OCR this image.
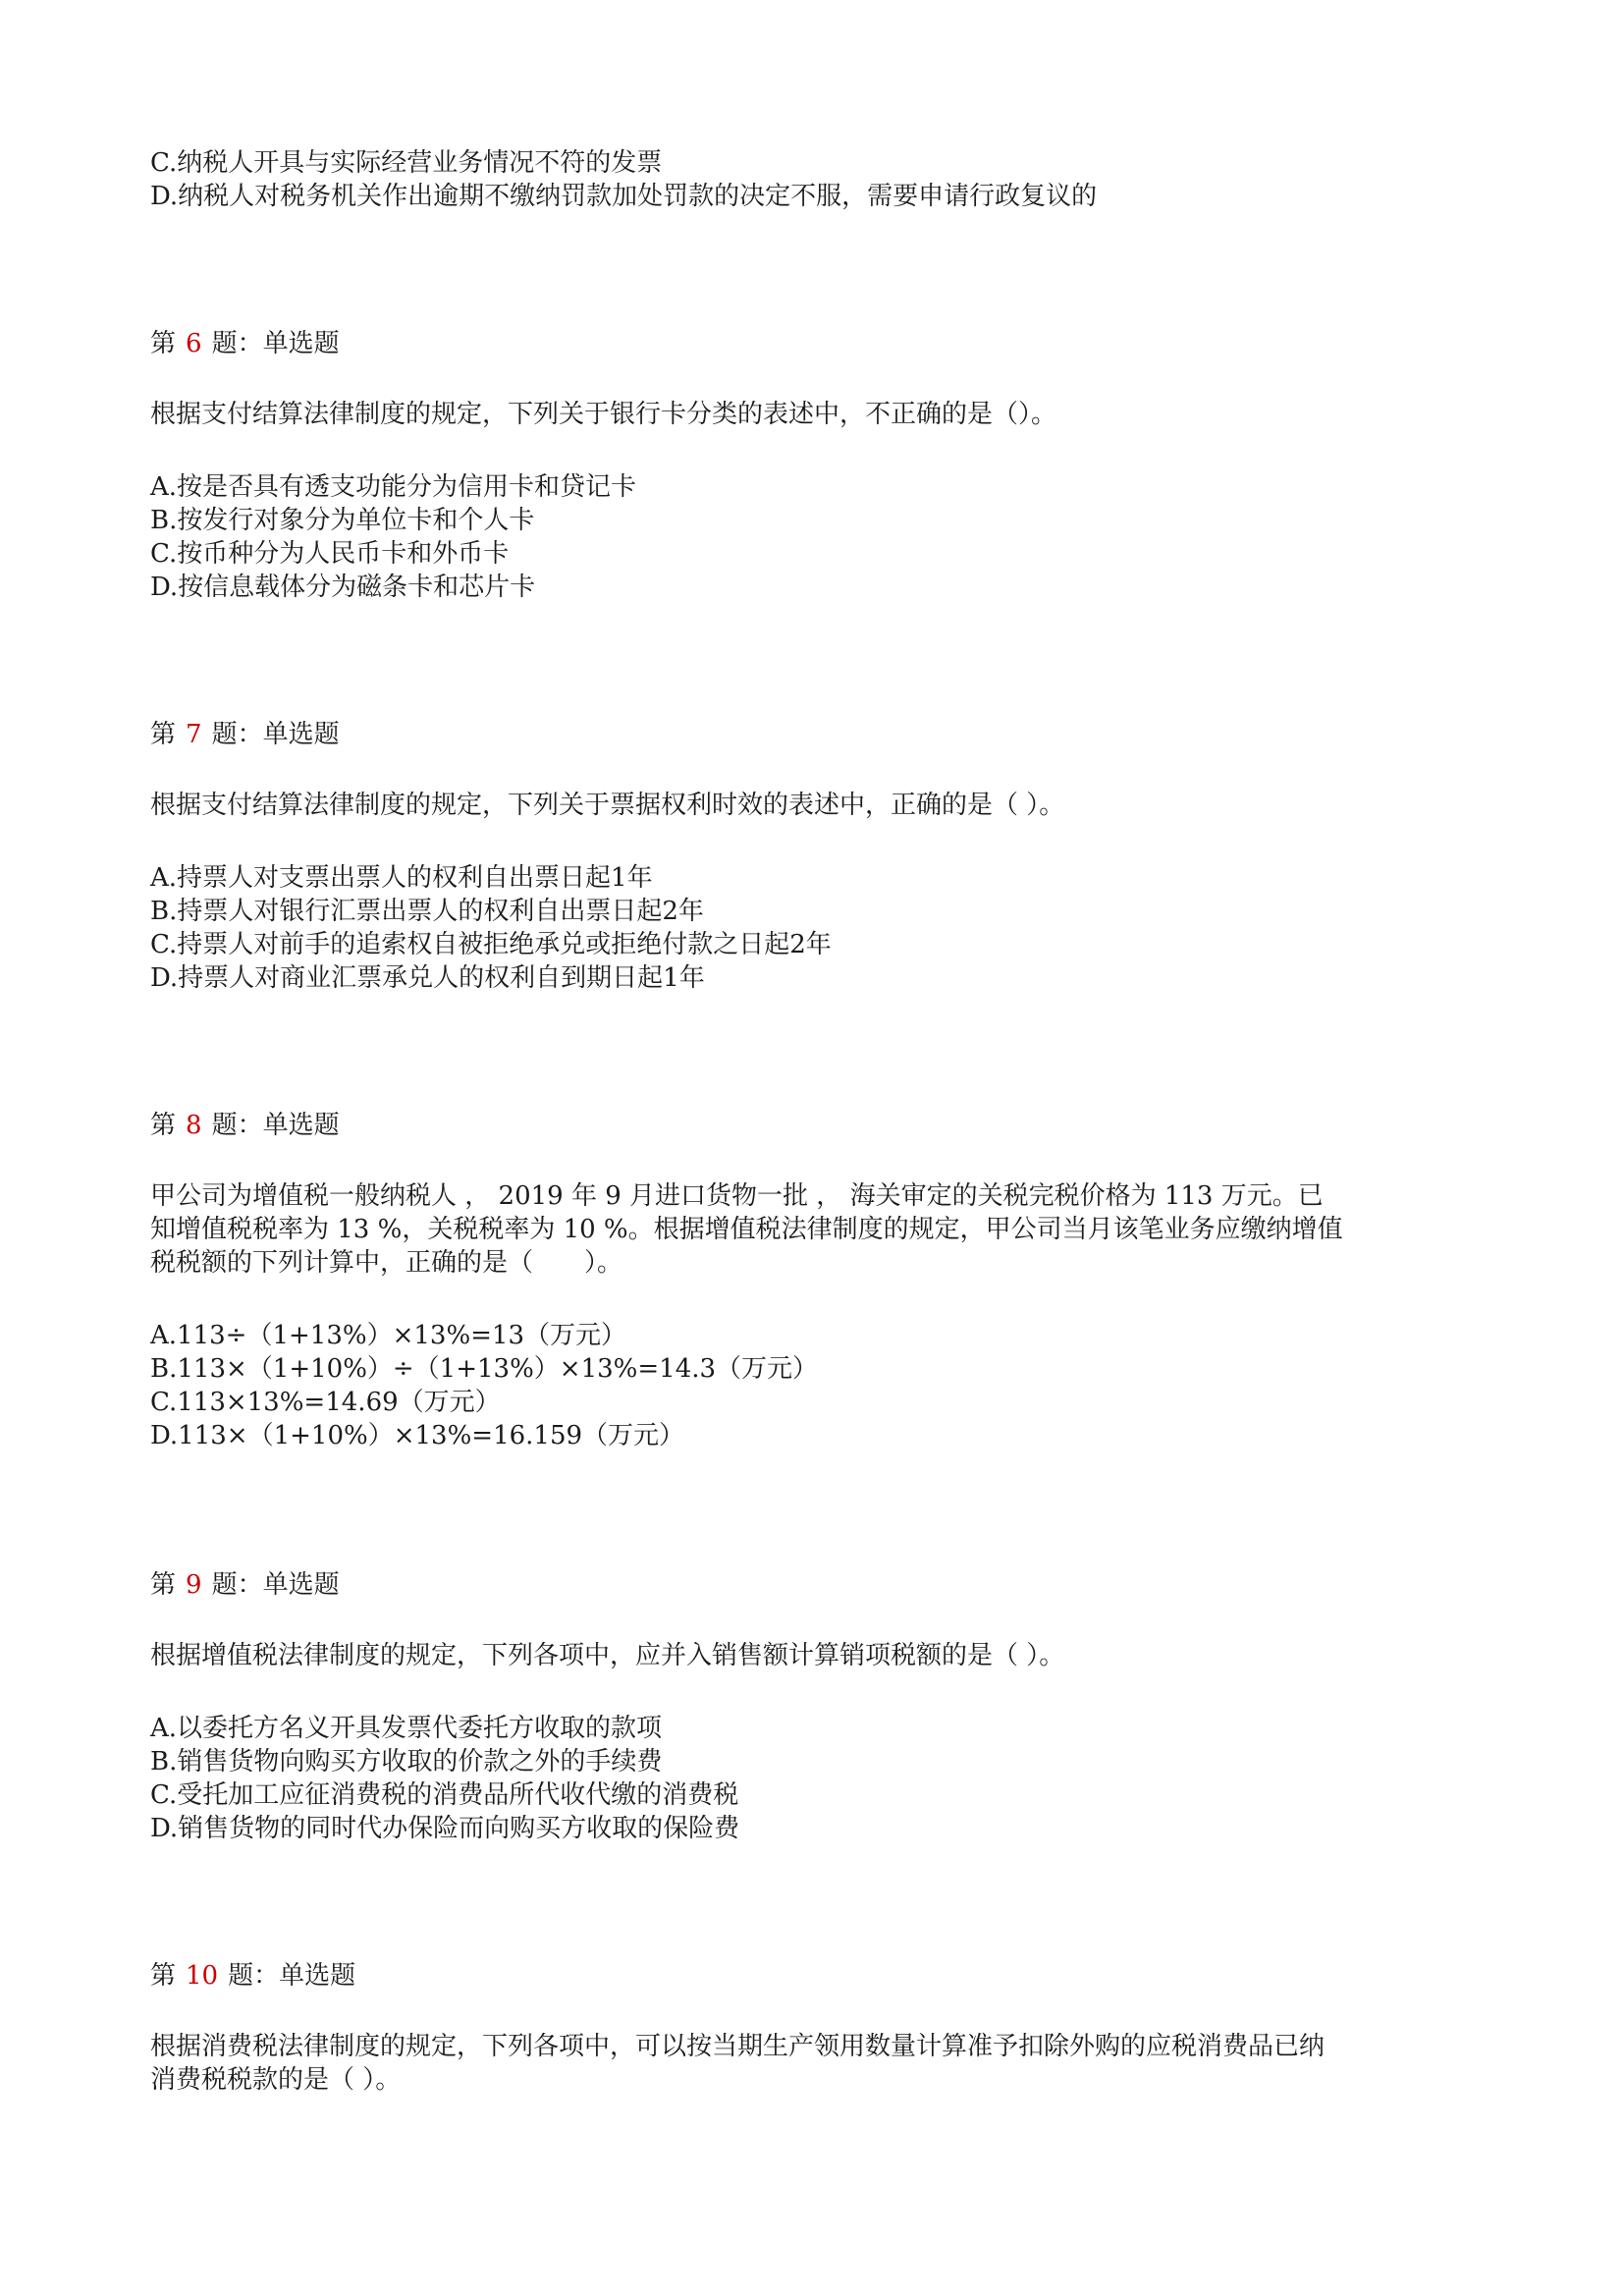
C.纳税人开具与实际经营业务情况不符的发票
D.纳税人对税务机关作出逾期不缴纳罚款加处罚款的决定不服，需要申请行政复议的
第 6 题：单选题
根据支付结算法律制度的规定，下列关于银行卡分类的表述中，不正确的是（）。
A.按是否具有透支功能分为信用卡和贷记卡
B.按发行对象分为单位卡和个人卡
C.按币种分为人民币卡和外币卡
D.按信息载体分为磁条卡和芯片卡
第 7 题：单选题
根据支付结算法律制度的规定，下列关于票据权利时效的表述中，正确的是（ ）。
A.持票人对支票出票人的权利自出票日起1年
B.持票人对银行汇票出票人的权利自出票日起2年
C.持票人对前手的追索权自被拒绝承兑或拒绝付款之日起2年
D.持票人对商业汇票承兑人的权利自到期日起1年
第 8 题：单选题
甲公司为增值税一般纳税人 ， 2019 年 9 月进口货物一批 ， 海关审定的关税完税价格为 113 万元。已
知增值税税率为 13 %，关税税率为 10 %。根据增值税法律制度的规定，甲公司当月该笔业务应缴纳增值
税税额的下列计算中，正确的是（　　）。
A.113÷（1+13%）×13%=13（万元）
B.113×（1+10%）÷（1+13%）×13%=14.3（万元）
C.113×13%=14.69（万元）
D.113×（1+10%）×13%=16.159（万元）
第 9 题：单选题
根据增值税法律制度的规定，下列各项中，应并入销售额计算销项税额的是（ ）。
A.以委托方名义开具发票代委托方收取的款项
B.销售货物向购买方收取的价款之外的手续费
C.受托加工应征消费税的消费品所代收代缴的消费税
D.销售货物的同时代办保险而向购买方收取的保险费
第 10 题：单选题
根据消费税法律制度的规定，下列各项中，可以按当期生产领用数量计算准予扣除外购的应税消费品已纳
消费税税款的是（ ）。
